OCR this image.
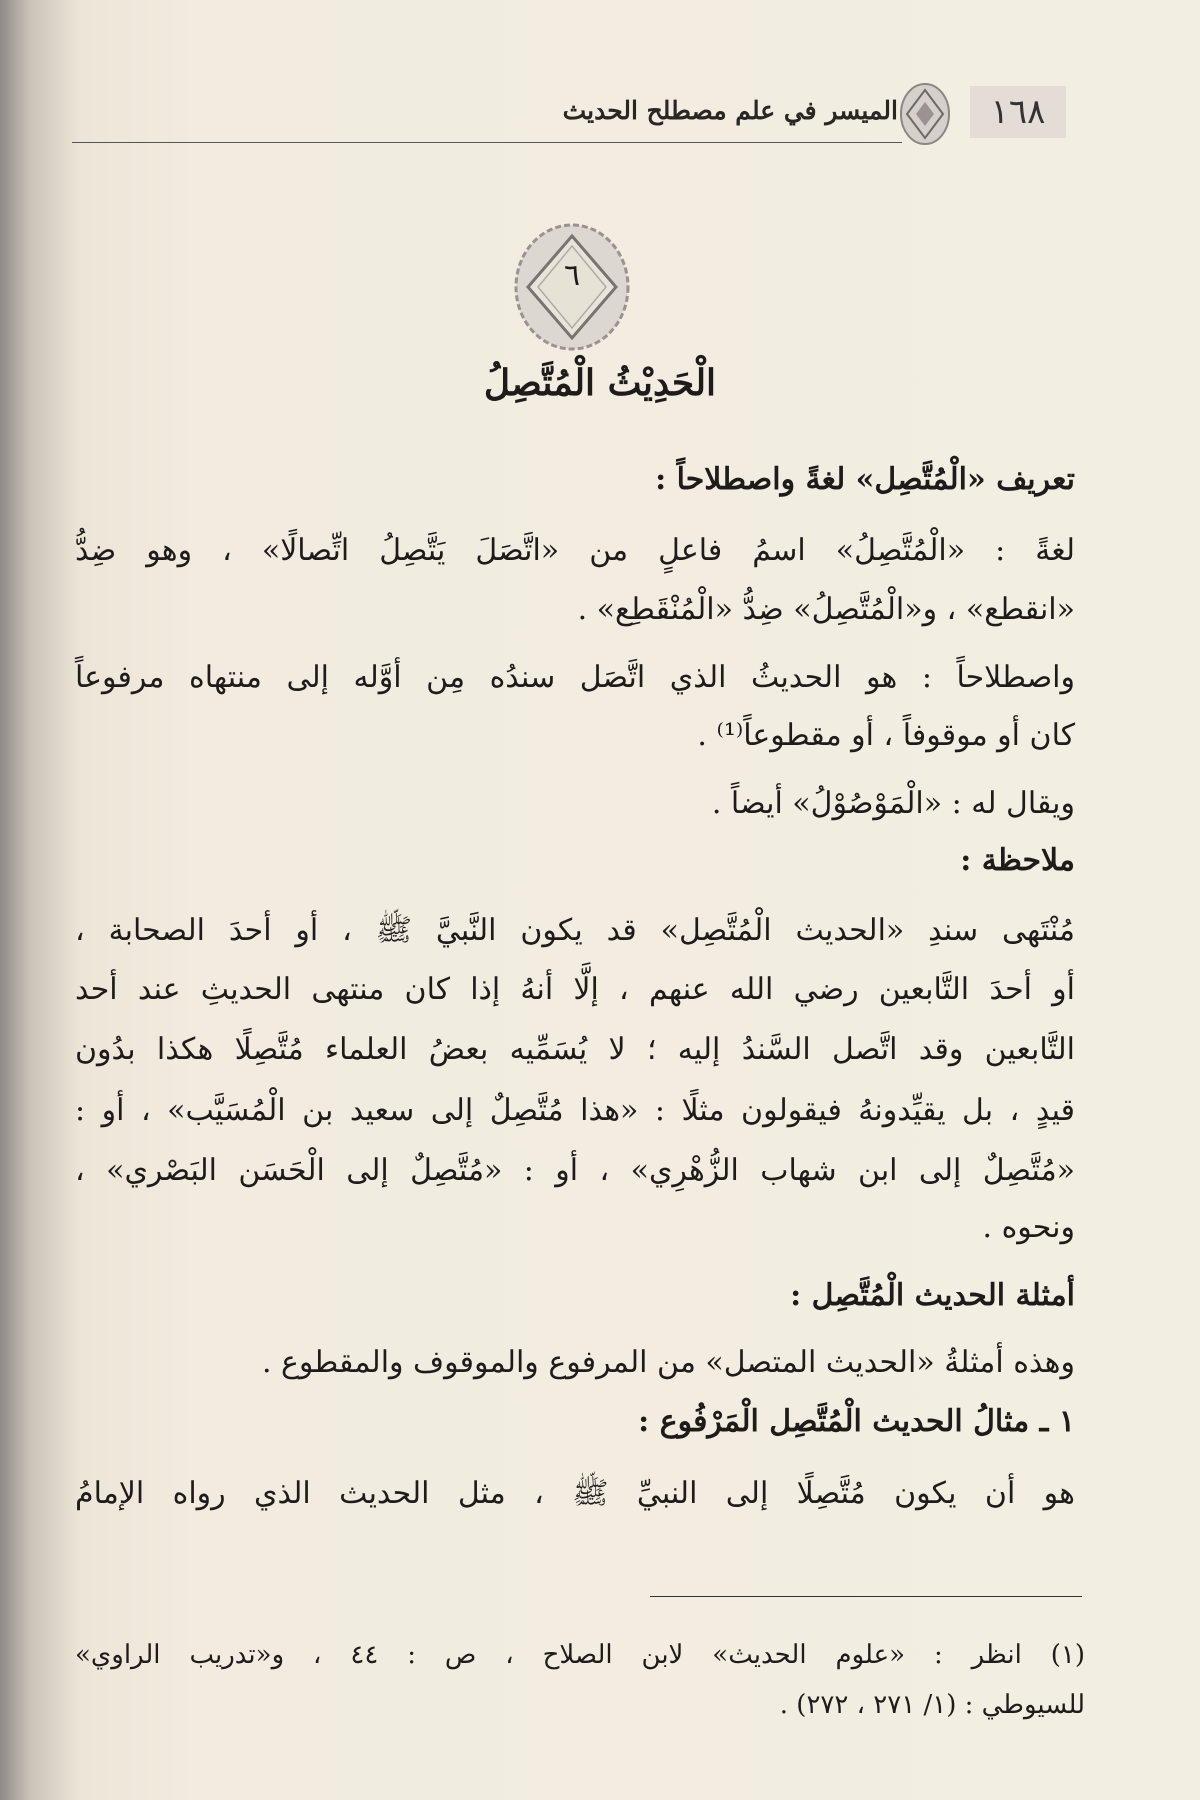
١٦٨
الميسر في علم مصطلح الحديث
٦
الْحَدِيْثُ الْمُتَّصِلُ
تعريف «الْمُتَّصِل» لغةً واصطلاحاً :
لغةً : «الْمُتَّصِلُ» اسمُ فاعلٍ من «اتَّصَلَ يَتَّصِلُ اتِّصالًا» ، وهو ضِدُّ
«انقطع» ، و«الْمُتَّصِلُ» ضِدُّ «الْمُنْقَطِع» .
واصطلاحاً : هو الحديثُ الذي اتَّصَل سندُه مِن أوَّله إلى منتهاه مرفوعاً
كان أو موقوفاً ، أو مقطوعاً⁽¹⁾ .
ويقال له : «الْمَوْصُوْلُ» أيضاً .
ملاحظة :
مُنْتَهى سندِ «الحديث الْمُتَّصِل» قد يكون النَّبيَّ ﷺ ، أو أحدَ الصحابة ،
أو أحدَ التَّابعين رضي الله عنهم ، إلَّا أنهُ إذا كان منتهى الحديثِ عند أحد
التَّابعين وقد اتَّصل السَّندُ إليه ؛ لا يُسَمِّيه بعضُ العلماء مُتَّصِلًا هكذا بدُون
قيدٍ ، بل يقيِّدونهُ فيقولون مثلًا : «هذا مُتَّصِلٌ إلى سعيد بن الْمُسَيَّب» ، أو :
«مُتَّصِلٌ إلى ابن شهاب الزُّهْرِي» ، أو : «مُتَّصِلٌ إلى الْحَسَن البَصْري» ،
ونحوه .
أمثلة الحديث الْمُتَّصِل :
وهذه أمثلةُ «الحديث المتصل» من المرفوع والموقوف والمقطوع .
١ ـ مثالُ الحديث الْمُتَّصِل الْمَرْفُوع :
هو أن يكون مُتَّصِلًا إلى النبيِّ ﷺ ، مثل الحديث الذي رواه الإمامُ
(١) انظر : «علوم الحديث» لابن الصلاح ، ص : ٤٤ ، و«تدريب الراوي»
للسيوطي : (١/ ٢٧١ ، ٢٧٢) .
